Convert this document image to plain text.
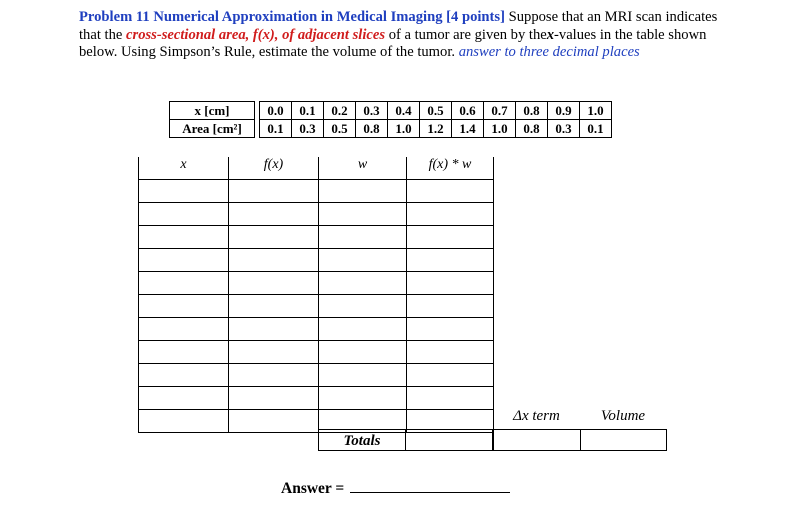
Problem 11 Numerical Approximation in Medical Imaging [4 points] Suppose that an MRI scan indicates that the cross-sectional area, f(x), of adjacent slices of a tumor are given by thex-values in the table shown below. Using Simpson’s Rule, estimate the volume of the tumor. answer to three decimal places
x [cm]		0.0	0.1	0.2	0.3	0.4	0.5	0.6	0.7	0.8	0.9	1.0
Area [cm²]		0.1	0.3	0.5	0.8	1.0	1.2	1.4	1.0	0.8	0.3	0.1
x	f(x)	w	f(x) * w

Δx term	Volume
Totals
Answer =
